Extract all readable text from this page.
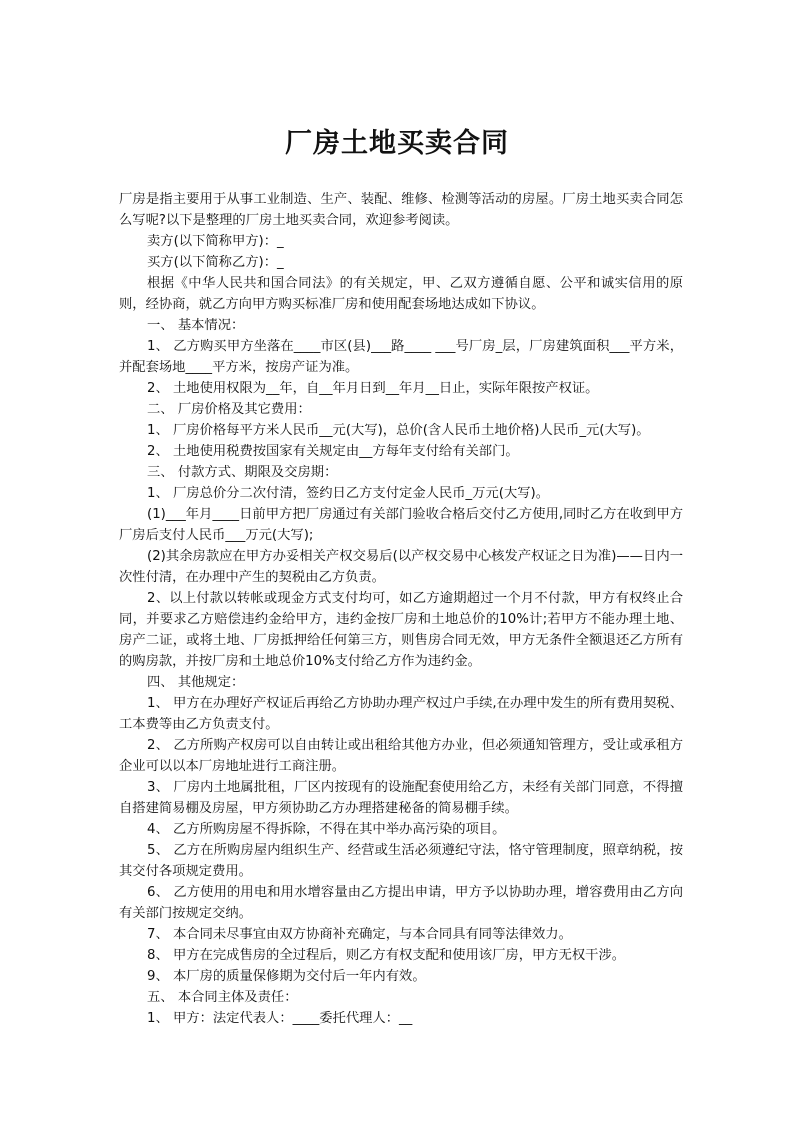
厂房土地买卖合同

厂房是指主要用于从事工业制造、生产、装配、维修、检测等活动的房屋。厂房土地买卖合同怎么写呢?以下是整理的厂房土地买卖合同，欢迎参考阅读。

卖方(以下简称甲方)：_

买方(以下简称乙方)：_

根据《中华人民共和国合同法》的有关规定，甲、乙双方遵循自愿、公平和诚实信用的原则，经协商，就乙方向甲方购买标准厂房和使用配套场地达成如下协议。

一、 基本情况：

1、 乙方购买甲方坐落在____市区(县)___路____ ___号厂房_层，厂房建筑面积___平方米，并配套场地____平方米，按房产证为准。

2、 土地使用权限为__年，自__年月日到__年月__日止，实际年限按产权证。

二、 厂房价格及其它费用：

1、 厂房价格每平方米人民币__元(大写)，总价(含人民币土地价格)人民币_元(大写)。

2、 土地使用税费按国家有关规定由__方每年支付给有关部门。

三、 付款方式、期限及交房期：

1、 厂房总价分二次付清，签约日乙方支付定金人民币_万元(大写)。

(1)___年月____日前甲方把厂房通过有关部门验收合格后交付乙方使用,同时乙方在收到甲方厂房后支付人民币___万元(大写);

(2)其余房款应在甲方办妥相关产权交易后(以产权交易中心核发产权证之日为准)——日内一次性付清，在办理中产生的契税由乙方负责。

2、以上付款以转帐或现金方式支付均可，如乙方逾期超过一个月不付款，甲方有权终止合同，并要求乙方赔偿违约金给甲方，违约金按厂房和土地总价的10%计;若甲方不能办理土地、房产二证，或将土地、厂房抵押给任何第三方，则售房合同无效，甲方无条件全额退还乙方所有的购房款，并按厂房和土地总价10%支付给乙方作为违约金。

四、 其他规定：

1、 甲方在办理好产权证后再给乙方协助办理产权过户手续,在办理中发生的所有费用契税、工本费等由乙方负责支付。

2、 乙方所购产权房可以自由转让或出租给其他方办业，但必须通知管理方，受让或承租方企业可以以本厂房地址进行工商注册。

3、 厂房内土地属批租，厂区内按现有的设施配套使用给乙方，未经有关部门同意，不得擅自搭建简易棚及房屋，甲方须协助乙方办理搭建秘备的简易棚手续。

4、 乙方所购房屋不得拆除，不得在其中举办高污染的项目。

5、 乙方在所购房屋内组织生产、经营或生活必须遵纪守法，恪守管理制度，照章纳税，按其交付各项规定费用。

6、 乙方使用的用电和用水增容量由乙方提出申请，甲方予以协助办理，增容费用由乙方向有关部门按规定交纳。

7、 本合同未尽事宜由双方协商补充确定，与本合同具有同等法律效力。

8、 甲方在完成售房的全过程后，则乙方有权支配和使用该厂房，甲方无权干涉。

9、 本厂房的质量保修期为交付后一年内有效。

五、 本合同主体及责任：

1、 甲方：法定代表人：____委托代理人：__
